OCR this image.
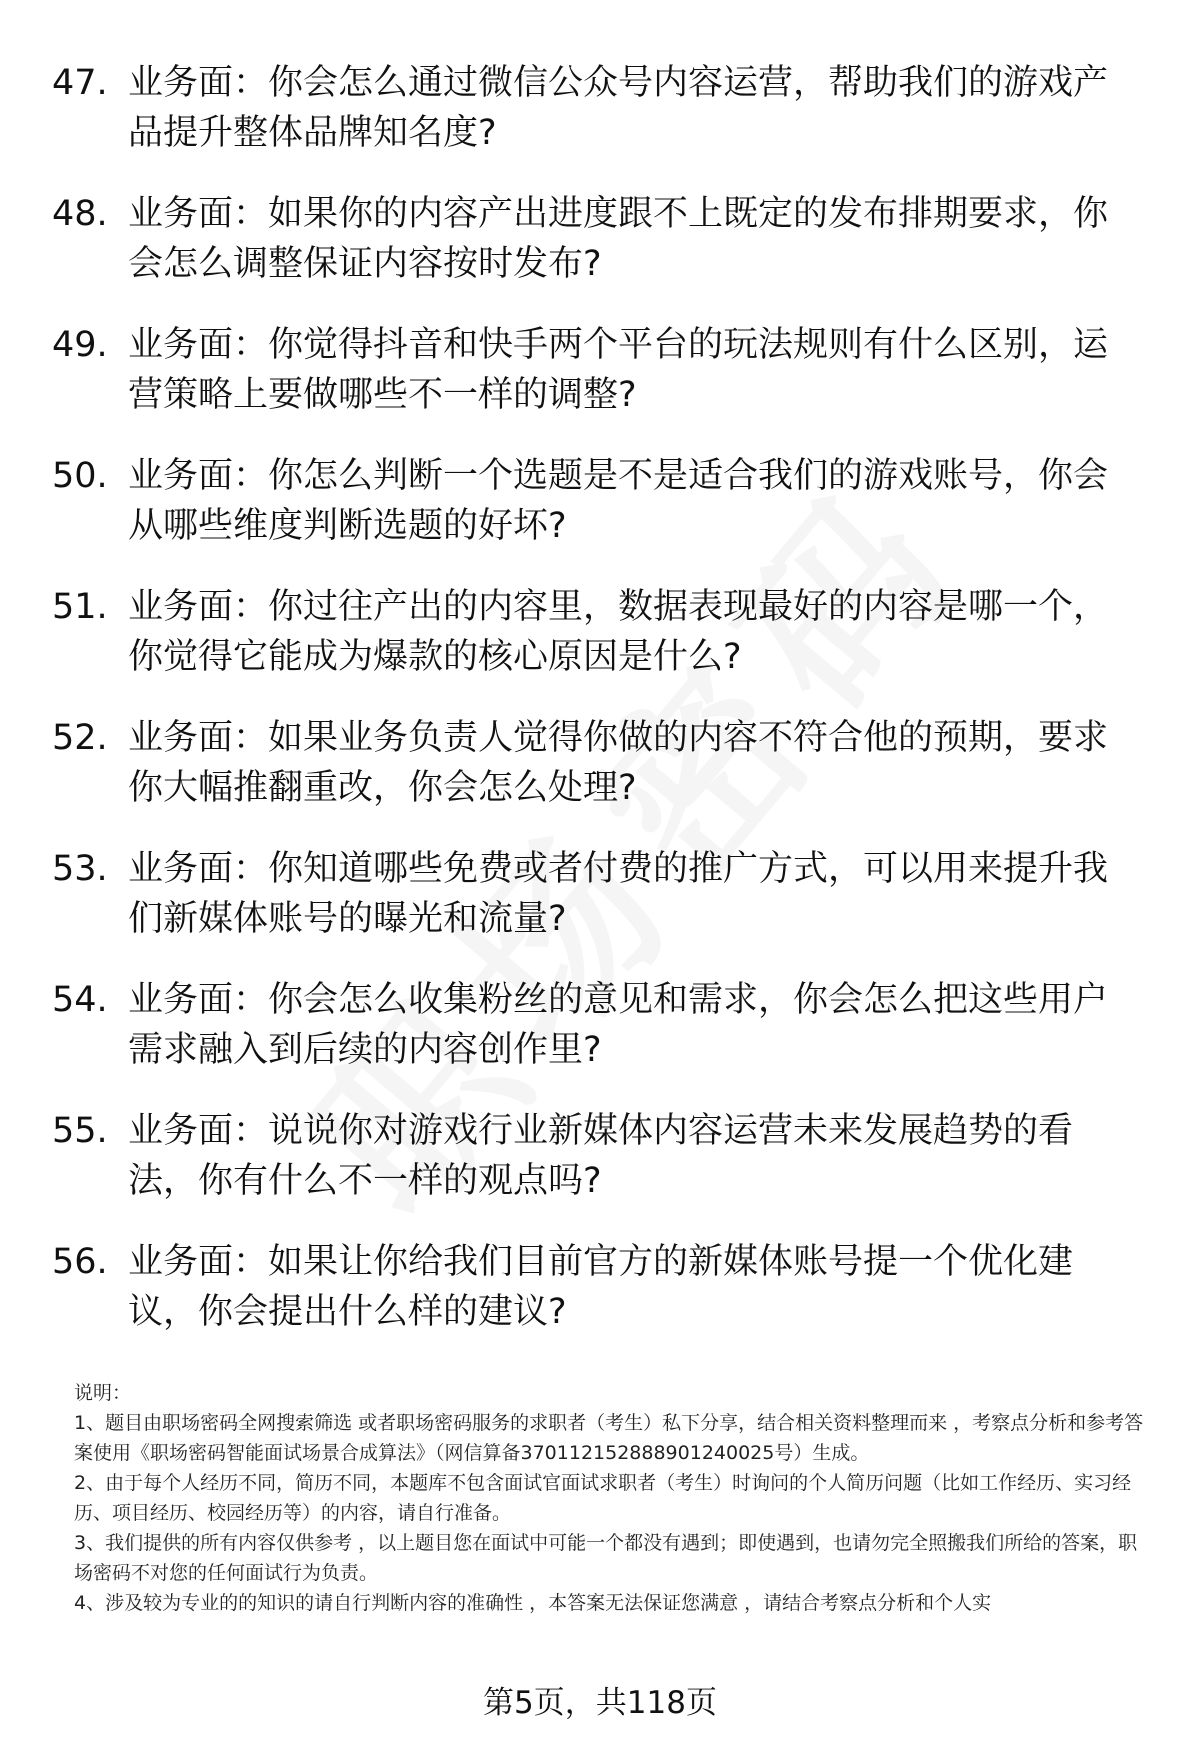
47. 业务面：你会怎么通过微信公众号内容运营，帮助我们的游戏产品提升整体品牌知名度?
48. 业务面：如果你的内容产出进度跟不上既定的发布排期要求，你会怎么调整保证内容按时发布?
49. 业务面：你觉得抖音和快手两个平台的玩法规则有什么区别，运营策略上要做哪些不一样的调整?
50. 业务面：你怎么判断一个选题是不是适合我们的游戏账号，你会从哪些维度判断选题的好坏?
51. 业务面：你过往产出的内容里，数据表现最好的内容是哪一个，你觉得它能成为爆款的核心原因是什么?
52. 业务面：如果业务负责人觉得你做的内容不符合他的预期，要求你大幅推翻重改，你会怎么处理?
53. 业务面：你知道哪些免费或者付费的推广方式，可以用来提升我们新媒体账号的曝光和流量?
54. 业务面：你会怎么收集粉丝的意见和需求，你会怎么把这些用户需求融入到后续的内容创作里?
55. 业务面：说说你对游戏行业新媒体内容运营未来发展趋势的看法，你有什么不一样的观点吗?
56. 业务面：如果让你给我们目前官方的新媒体账号提一个优化建议，你会提出什么样的建议?
说明：
1、题目由职场密码全网搜索筛选 或者职场密码服务的求职者（考生）私下分享，结合相关资料整理而来 ，考察点分析和参考答案使用《职场密码智能面试场景合成算法》（网信算备370112152888901240025号）生成。
2、由于每个人经历不同，简历不同，本题库不包含面试官面试求职者（考生）时询问的个人简历问题（比如工作经历、实习经历、项目经历、校园经历等）的内容，请自行准备。
3、我们提供的所有内容仅供参考 ，以上题目您在面试中可能一个都没有遇到；即使遇到，也请勿完全照搬我们所给的答案，职场密码不对您的任何面试行为负责。
4、涉及较为专业的的知识的请自行判断内容的准确性 ，本答案无法保证您满意 ，请结合考察点分析和个人实
第5页，共118页
